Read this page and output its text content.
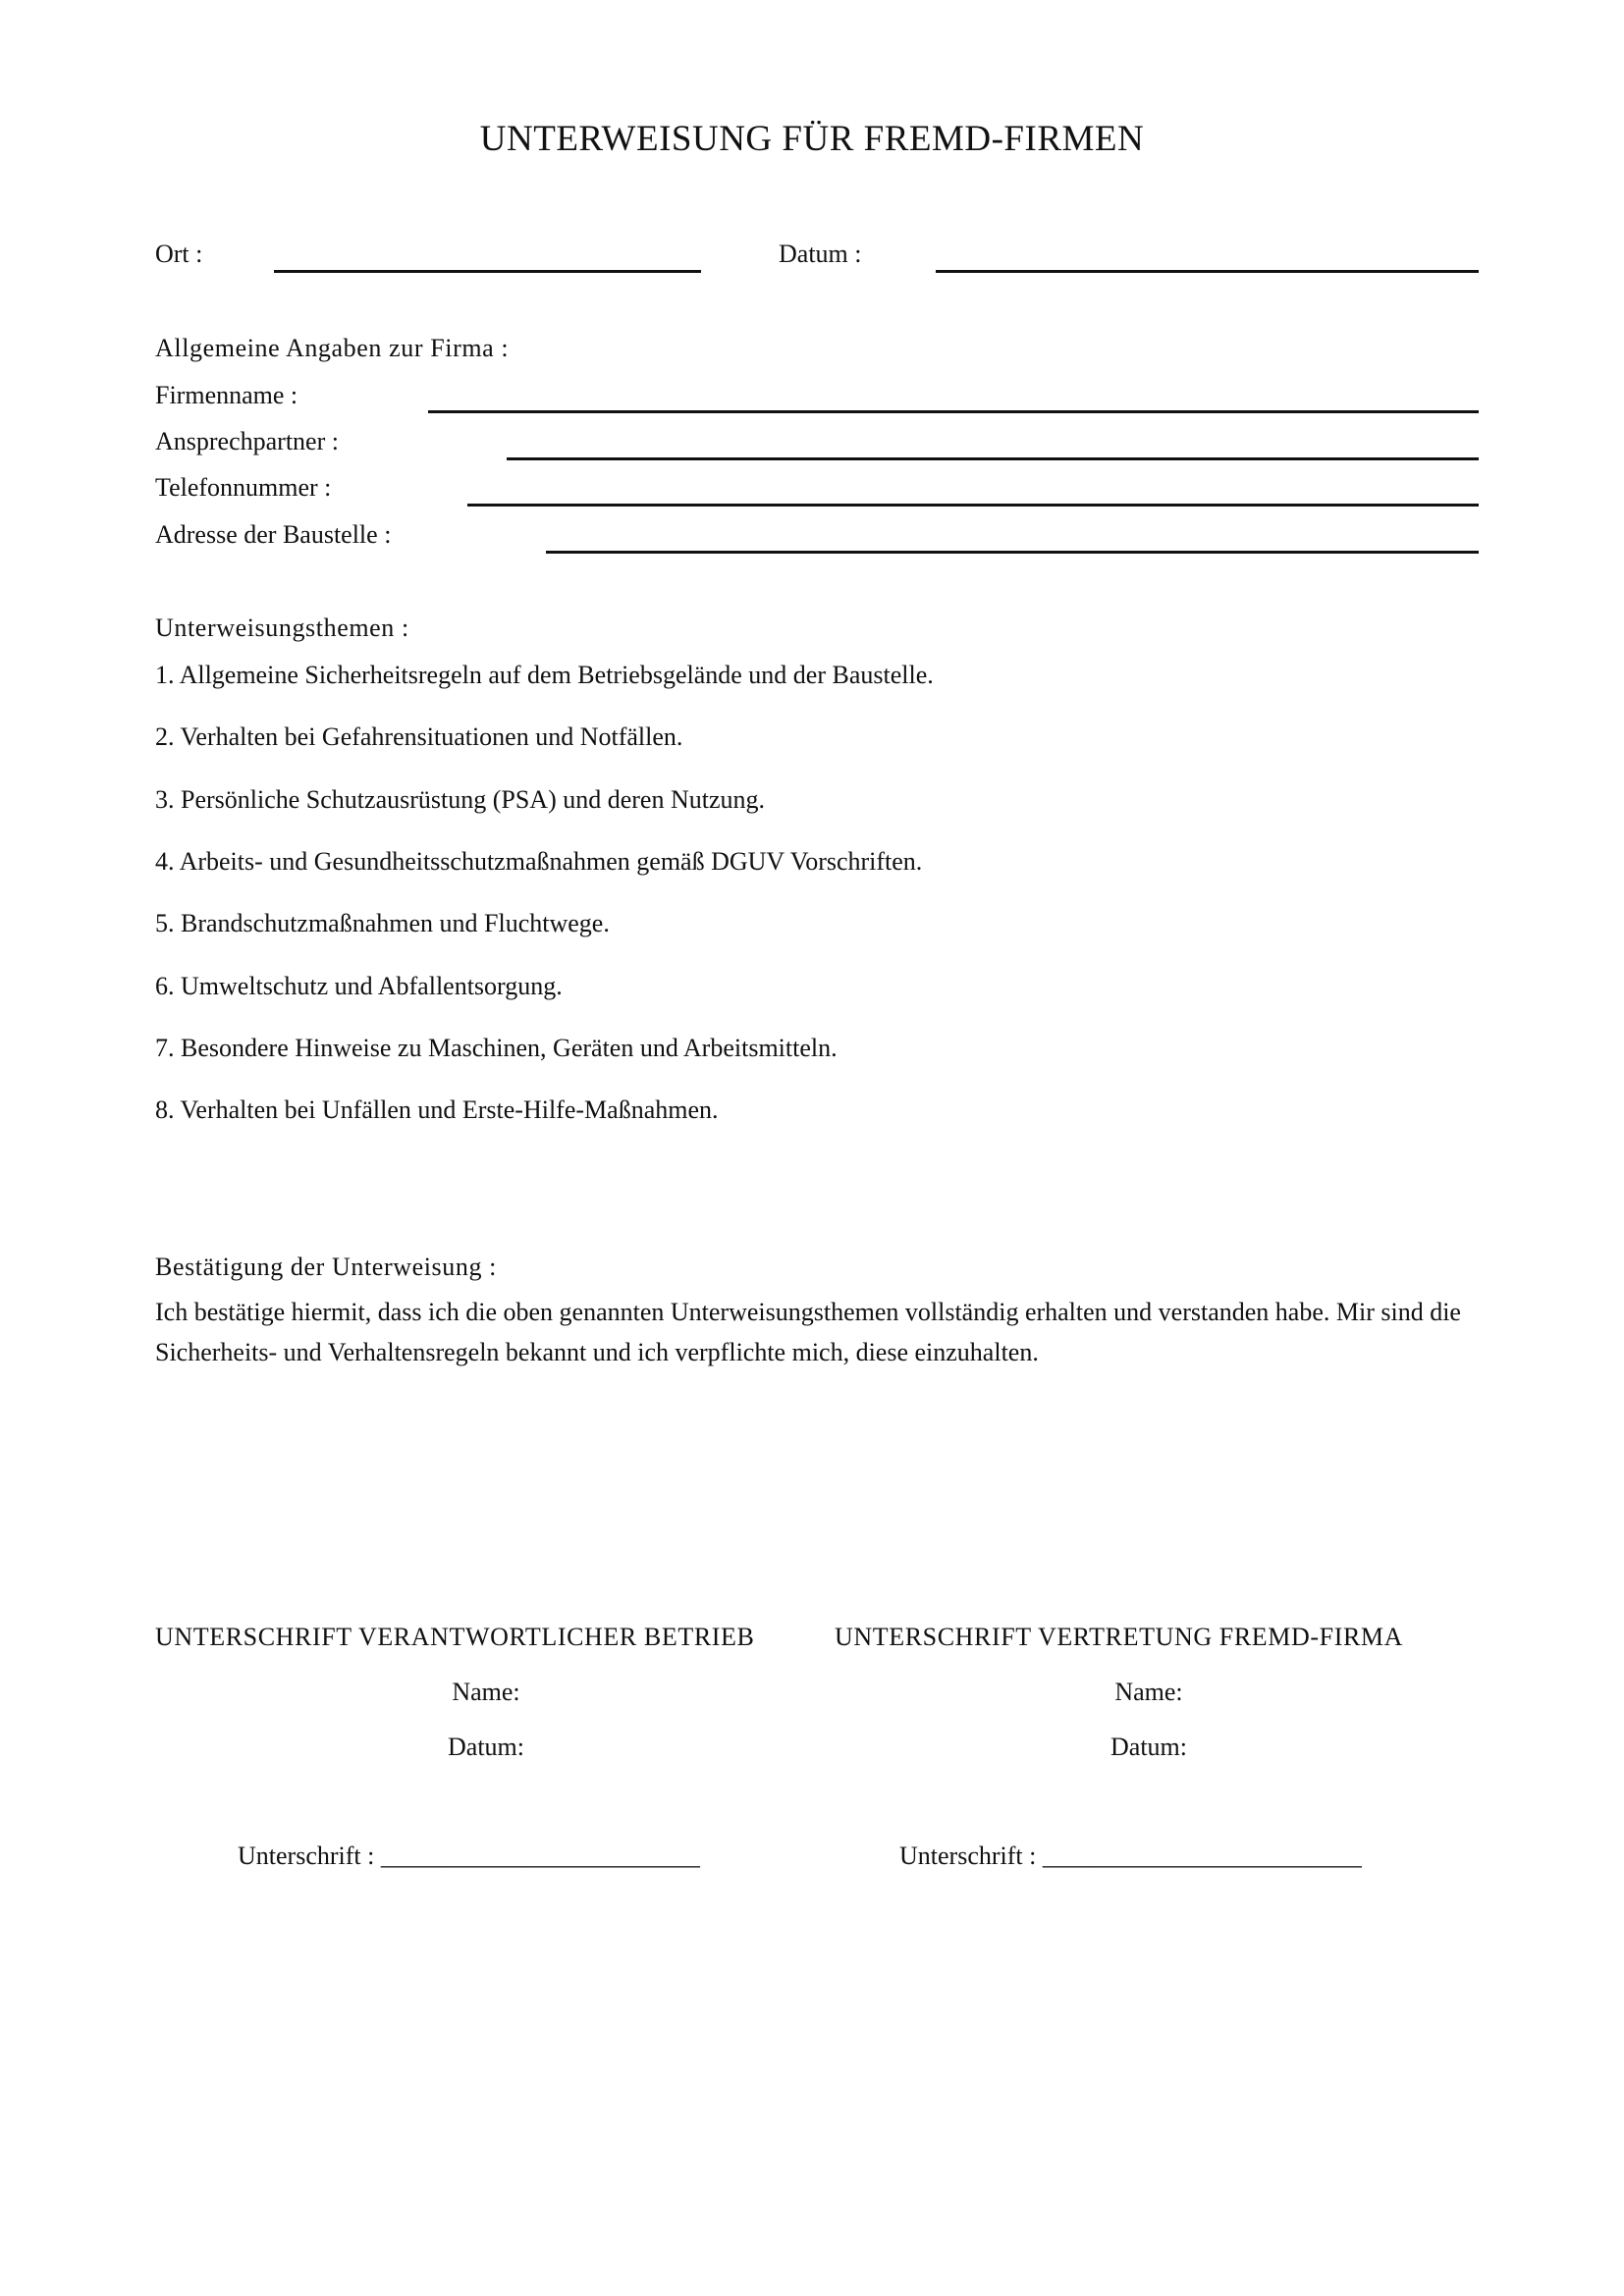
UNTERWEISUNG FÜR FREMD-FIRMEN
Ort :	Datum :
Allgemeine Angaben zur Firma :
Firmenname :
Ansprechpartner :
Telefonnummer :
Adresse der Baustelle :
Unterweisungsthemen :
1. Allgemeine Sicherheitsregeln auf dem Betriebsgelände und der Baustelle.
2. Verhalten bei Gefahrensituationen und Notfällen.
3. Persönliche Schutzausrüstung (PSA) und deren Nutzung.
4. Arbeits- und Gesundheitsschutzmaßnahmen gemäß DGUV Vorschriften.
5. Brandschutzmaßnahmen und Fluchtwege.
6. Umweltschutz und Abfallentsorgung.
7. Besondere Hinweise zu Maschinen, Geräten und Arbeitsmitteln.
8. Verhalten bei Unfällen und Erste-Hilfe-Maßnahmen.
Bestätigung der Unterweisung :
Ich bestätige hiermit, dass ich die oben genannten Unterweisungsthemen vollständig erhalten und verstanden habe. Mir sind die Sicherheits- und Verhaltensregeln bekannt und ich verpflichte mich, diese einzuhalten.
UNTERSCHRIFT VERANTWORTLICHER BETRIEB	UNTERSCHRIFT VERTRETUNG FREMD-FIRMA
Name:
Datum:
Unterschrift : _________________________
Name:
Datum:
Unterschrift : _________________________
